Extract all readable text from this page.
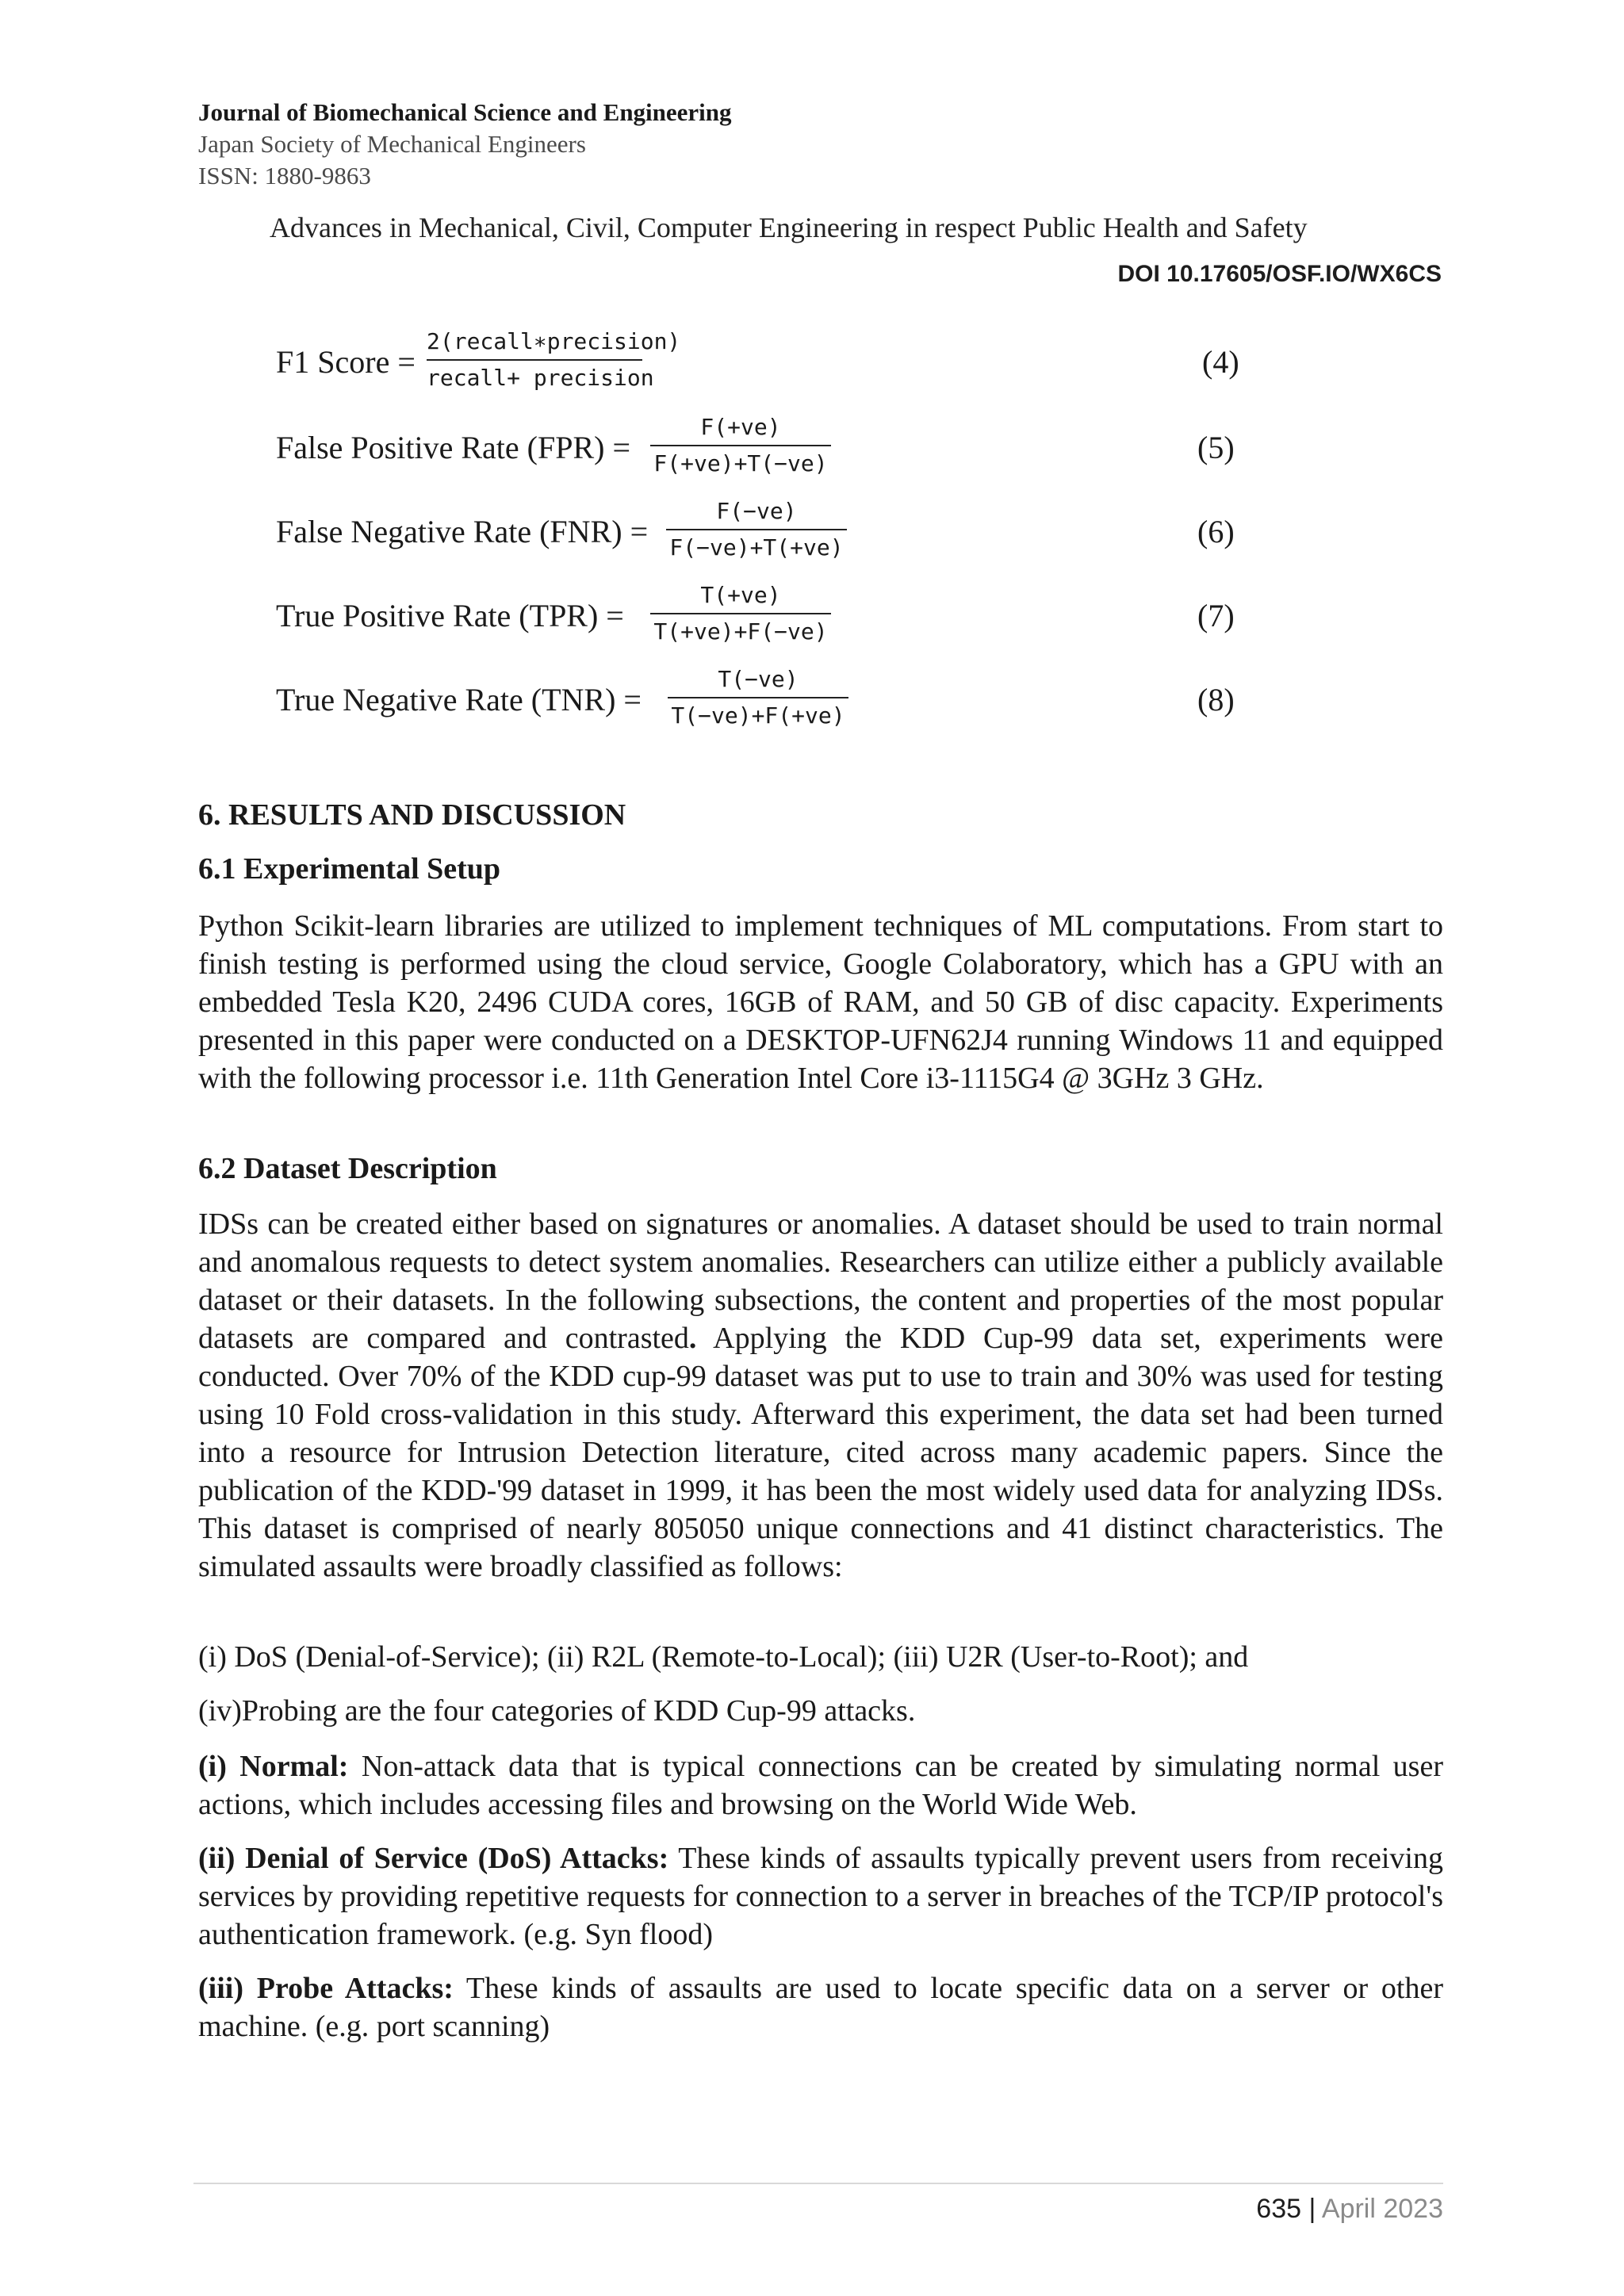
Journal of Biomechanical Science and Engineering
Japan Society of Mechanical Engineers
ISSN: 1880-9863
Advances in Mechanical, Civil, Computer Engineering in respect Public Health and Safety
DOI 10.17605/OSF.IO/WX6CS
F1 Score =
2(recall∗precision)
recall+ precision	(4)
False Positive Rate (FPR) =
F(+ve)
F(+ve)+T(−ve)	(5)
False Negative Rate (FNR) =
F(−ve)
F(−ve)+T(+ve)	(6)
True Positive Rate (TPR) =
T(+ve)
T(+ve)+F(−ve)	(7)
True Negative Rate (TNR) =
T(−ve)
T(−ve)+F(+ve)	(8)
6. RESULTS AND DISCUSSION
6.1 Experimental Setup

Python Scikit-learn libraries are utilized to implement techniques of ML computations. From start to finish testing is performed using the cloud service, Google Colaboratory, which has a GPU with an embedded Tesla K20, 2496 CUDA cores, 16GB of RAM, and 50 GB of disc capacity. Experiments presented in this paper were conducted on a DESKTOP-UFN62J4 running Windows 11 and equipped with the following processor i.e. 11th Generation Intel Core i3-1115G4 @ 3GHz 3 GHz.

6.2 Dataset Description

IDSs can be created either based on signatures or anomalies. A dataset should be used to train normal and anomalous requests to detect system anomalies. Researchers can utilize either a publicly available dataset or their datasets. In the following subsections, the content and properties of the most popular datasets are compared and contrasted. Applying the KDD Cup-99 data set, experiments were conducted. Over 70% of the KDD cup-99 dataset was put to use to train and 30% was used for testing using 10 Fold cross-validation in this study. Afterward this experiment, the data set had been turned into a resource for Intrusion Detection literature, cited across many academic papers. Since the publication of the KDD-'99 dataset in 1999, it has been the most widely used data for analyzing IDSs. This dataset is comprised of nearly 805050 unique connections and 41 distinct characteristics. The simulated assaults were broadly classified as follows:

(i) DoS (Denial-of-Service); (ii) R2L (Remote-to-Local); (iii) U2R (User-to-Root); and

(iv)Probing are the four categories of KDD Cup-99 attacks.

(i) Normal: Non-attack data that is typical connections can be created by simulating normal user actions, which includes accessing files and browsing on the World Wide Web.

(ii) Denial of Service (DoS) Attacks: These kinds of assaults typically prevent users from receiving services by providing repetitive requests for connection to a server in breaches of the TCP/IP protocol's authentication framework. (e.g. Syn flood)

(iii) Probe Attacks: These kinds of assaults are used to locate specific data on a server or other machine. (e.g. port scanning)

635 | April 2023
